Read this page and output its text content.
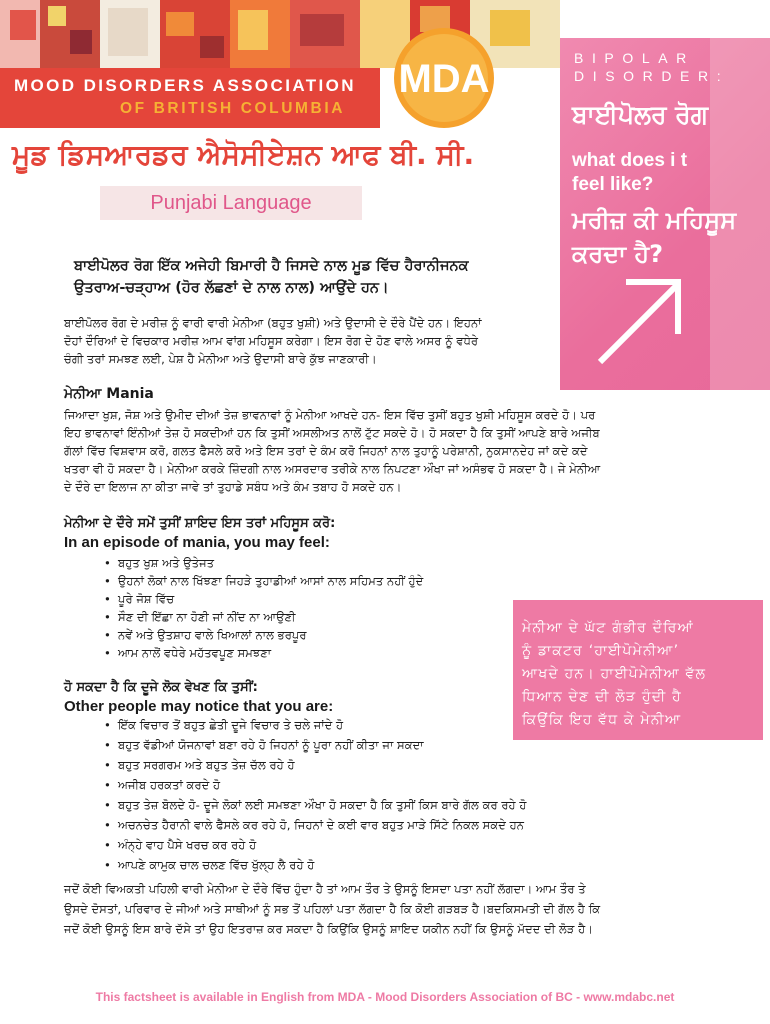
MOOD DISORDERS ASSOCIATION
OF BRITISH COLUMBIA
MDA
ਮੂਡ ਡਿਸਆਰਡਰ ਐਸੋਸੀਏਸ਼ਨ ਆਫ ਬੀ. ਸੀ.
Punjabi Language
BIPOLAR
DISORDER:
ਬਾਈਪੋਲਰ ਰੋਗ
what does i t
feel like?
ਮਰੀਜ਼ ਕੀ ਮਹਿਸੂਸ
ਕਰਦਾ ਹੈ?
ਬਾਈਪੋਲਰ ਰੋਗ ਇੱਕ ਅਜੇਹੀ ਬਿਮਾਰੀ ਹੈ ਜਿਸਦੇ ਨਾਲ ਮੂਡ ਵਿੱਚ ਹੈਰਾਨੀਜਨਕ
ਉਤਰਾਅ-ਚੜ੍ਹਾਅ (ਹੋਰ ਲੱਛਣਾਂ ਦੇ ਨਾਲ ਨਾਲ) ਆਉਂਦੇ ਹਨ।
ਬਾਈਪੋਲਰ ਰੋਗ ਦੇ ਮਰੀਜ਼ ਨੂੰ ਵਾਰੀ ਵਾਰੀ ਮੇਨੀਆ (ਬਹੁਤ ਖੁਸ਼ੀ) ਅਤੇ ਉਦਾਸੀ ਦੇ ਦੌਰੇ ਪੈਂਦੇ ਹਨ। ਇਹਨਾਂ
ਦੋਹਾਂ ਦੌਰਿਆਂ ਦੇ ਵਿਚਕਾਰ ਮਰੀਜ਼ ਆਮ ਵਾਂਗ ਮਹਿਸੂਸ ਕਰੇਗਾ। ਇਸ ਰੋਗ ਦੇ ਹੋਣ ਵਾਲੇ ਅਸਰ ਨੂੰ ਵਧੇਰੇ
ਚੰਗੀ ਤਰਾਂ ਸਮਝਣ ਲਈ, ਪੇਸ਼ ਹੈ ਮੇਨੀਆ ਅਤੇ ਉਦਾਸੀ ਬਾਰੇ ਕੁੱਝ ਜਾਣਕਾਰੀ।
ਮੇਨੀਆ Mania
ਜਿਆਦਾ ਖੁਸ਼, ਜੋਸ਼ ਅਤੇ ਉਮੀਦ ਦੀਆਂ ਤੇਜ਼ ਭਾਵਨਾਵਾਂ ਨੂੰ ਮੇਨੀਆ ਆਖਦੇ ਹਨ- ਇਸ ਵਿੱਚ ਤੁਸੀਂ ਬਹੁਤ ਖੁਸ਼ੀ ਮਹਿਸੂਸ ਕਰਦੇ ਹੋ। ਪਰ
ਇਹ ਭਾਵਨਾਵਾਂ ਇੰਨੀਆਂ ਤੇਜ਼ ਹੋ ਸਕਦੀਆਂ ਹਨ ਕਿ ਤੁਸੀਂ ਅਸਲੀਅਤ ਨਾਲੋਂ ਟੁੱਟ ਸਕਦੇ ਹੋ। ਹੋ ਸਕਦਾ ਹੈ ਕਿ ਤੁਸੀਂ ਆਪਣੇ ਬਾਰੇ ਅਜੀਬ
ਗੱਲਾਂ ਵਿੱਚ ਵਿਸ਼ਵਾਸ ਕਰੋ, ਗਲਤ ਫੈਸਲੇ ਕਰੋ ਅਤੇ ਇਸ ਤਰਾਂ ਦੇ ਕੰਮ ਕਰੋ ਜਿਹਨਾਂ ਨਾਲ ਤੁਹਾਨੂੰ ਪਰੇਸ਼ਾਨੀ, ਨੁਕਸਾਨਦੇਹ ਜਾਂ ਕਦੇ ਕਦੇ
ਖਤਰਾ ਵੀ ਹੋ ਸਕਦਾ ਹੈ। ਮੇਨੀਆ ਕਰਕੇ ਜ਼ਿੰਦਗੀ ਨਾਲ ਅਸਰਦਾਰ ਤਰੀਕੇ ਨਾਲ ਨਿਪਟਣਾ ਔਖਾ ਜਾਂ ਅਸੰਭਵ ਹੋ ਸਕਦਾ ਹੈ। ਜੇ ਮੇਨੀਆ
ਦੇ ਦੌਰੇ ਦਾ ਇਲਾਜ ਨਾ ਕੀਤਾ ਜਾਵੇ ਤਾਂ ਤੁਹਾਡੇ ਸਬੰਧ ਅਤੇ ਕੰਮ ਤਬਾਹ ਹੋ ਸਕਦੇ ਹਨ।
ਮੇਨੀਆ ਦੇ ਦੌਰੇ ਸਮੇਂ ਤੁਸੀਂ ਸ਼ਾਇਦ ਇਸ ਤਰਾਂ ਮਹਿਸੂਸ ਕਰੋ:
In an episode of mania, you may feel:
• ਬਹੁਤ ਖੁਸ਼ ਅਤੇ ਉਤੇਜਤ
• ਉਹਨਾਂ ਲੋਕਾਂ ਨਾਲ ਖਿੱਝਣਾ ਜਿਹੜੇ ਤੁਹਾਡੀਆਂ ਆਸਾਂ ਨਾਲ ਸਹਿਮਤ ਨਹੀਂ ਹੁੰਦੇ
• ਪੂਰੇ ਜੋਸ਼ ਵਿੱਚ
• ਸੌਣ ਦੀ ਇੱਛਾ ਨਾ ਹੋਣੀ ਜਾਂ ਨੀਂਦ ਨਾ ਆਉਣੀ
• ਨਵੇਂ ਅਤੇ ਉਤਸ਼ਾਹ ਵਾਲੇ ਖਿਆਲਾਂ ਨਾਲ ਭਰਪੂਰ
• ਆਮ ਨਾਲੋਂ ਵਧੇਰੇ ਮਹੱਤਵਪੂਣ ਸਮਝਣਾ
ਹੋ ਸਕਦਾ ਹੈ ਕਿ ਦੂਜੇ ਲੋਕ ਵੇਖਣ ਕਿ ਤੁਸੀਂ:
Other people may notice that you are:
• ਇੱਕ ਵਿਚਾਰ ਤੋਂ ਬਹੁਤ ਛੇਤੀ ਦੂਜੇ ਵਿਚਾਰ ਤੇ ਚਲੇ ਜਾਂਦੇ ਹੋ
• ਬਹੁਤ ਵੱਡੀਆਂ ਯੋਜਨਾਵਾਂ ਬਣਾ ਰਹੇ ਹੋ ਜਿਹਨਾਂ ਨੂੰ ਪੂਰਾ ਨਹੀਂ ਕੀਤਾ ਜਾ ਸਕਦਾ
• ਬਹੁਤ ਸਰਗਰਮ ਅਤੇ ਬਹੁਤ ਤੇਜ਼ ਚੱਲ ਰਹੇ ਹੋ
• ਅਜੀਬ ਹਰਕਤਾਂ ਕਰਦੇ ਹੋ
• ਬਹੁਤ ਤੇਜ਼ ਬੋਲਦੇ ਹੋ- ਦੂਜੇ ਲੋਕਾਂ ਲਈ ਸਮਝਣਾ ਔਖਾ ਹੋ ਸਕਦਾ ਹੈ ਕਿ ਤੁਸੀਂ ਕਿਸ ਬਾਰੇ ਗੱਲ ਕਰ ਰਹੇ ਹੋ
• ਅਚਨਚੇਤ ਹੈਰਾਨੀ ਵਾਲੇ ਫੈਸਲੇ ਕਰ ਰਹੇ ਹੋ, ਜਿਹਨਾਂ ਦੇ ਕਈ ਵਾਰ ਬਹੁਤ ਮਾੜੇ ਸਿੱਟੇ ਨਿਕਲ ਸਕਦੇ ਹਨ
• ਅੰਨ੍ਹੇ ਵਾਹ ਪੈਸੇ ਖਰਚ ਕਰ ਰਹੇ ਹੋ
• ਆਪਣੇ ਕਾਮੁਕ ਚਾਲ ਚਲਣ ਵਿੱਚ ਖੁੱਲ੍ਹ ਲੈ ਰਹੇ ਹੋ
ਮੇਨੀਆ ਦੇ ਘੱਟ ਗੰਭੀਰ ਦੌਰਿਆਂ
ਨੂੰ ਡਾਕਟਰ ‘ਹਾਈਪੋਮੇਨੀਆ’
ਆਖਦੇ ਹਨ। ਹਾਈਪੋਮੇਨੀਆ ਵੱਲ
ਧਿਆਨ ਦੇਣ ਦੀ ਲੋੜ ਹੁੰਦੀ ਹੈ
ਕਿਉਂਕਿ ਇਹ ਵੱਧ ਕੇ ਮੇਨੀਆ
ਜਦੋਂ ਕੋਈ ਵਿਅਕਤੀ ਪਹਿਲੀ ਵਾਰੀ ਮੇਨੀਆ ਦੇ ਦੌਰੇ ਵਿੱਚ ਹੁੰਦਾ ਹੈ ਤਾਂ ਆਮ ਤੌਰ ਤੇ ਉਸਨੂੰ ਇਸਦਾ ਪਤਾ ਨਹੀਂ ਲੱਗਦਾ। ਆਮ ਤੌਰ ਤੇ
ਉਸਦੇ ਦੋਸਤਾਂ, ਪਰਿਵਾਰ ਦੇ ਜੀਆਂ ਅਤੇ ਸਾਥੀਆਂ ਨੂੰ ਸਭ ਤੋਂ ਪਹਿਲਾਂ ਪਤਾ ਲੱਗਦਾ ਹੈ ਕਿ ਕੋਈ ਗੜਬੜ ਹੈ।ਬਦਕਿਸਮਤੀ ਦੀ ਗੱਲ ਹੈ ਕਿ
ਜਦੋਂ ਕੋਈ ਉਸਨੂੰ ਇਸ ਬਾਰੇ ਦੱਸੇ ਤਾਂ ਉਹ ਇਤਰਾਜ਼ ਕਰ ਸਕਦਾ ਹੈ ਕਿਉਂਕਿ ਉਸਨੂੰ ਸ਼ਾਇਦ ਯਕੀਨ ਨਹੀਂ ਕਿ ਉਸਨੂੰ ਮੱਦਦ ਦੀ ਲੋੜ ਹੈ।
This factsheet is available in English from MDA - Mood Disorders Association of BC - www.mdabc.net
